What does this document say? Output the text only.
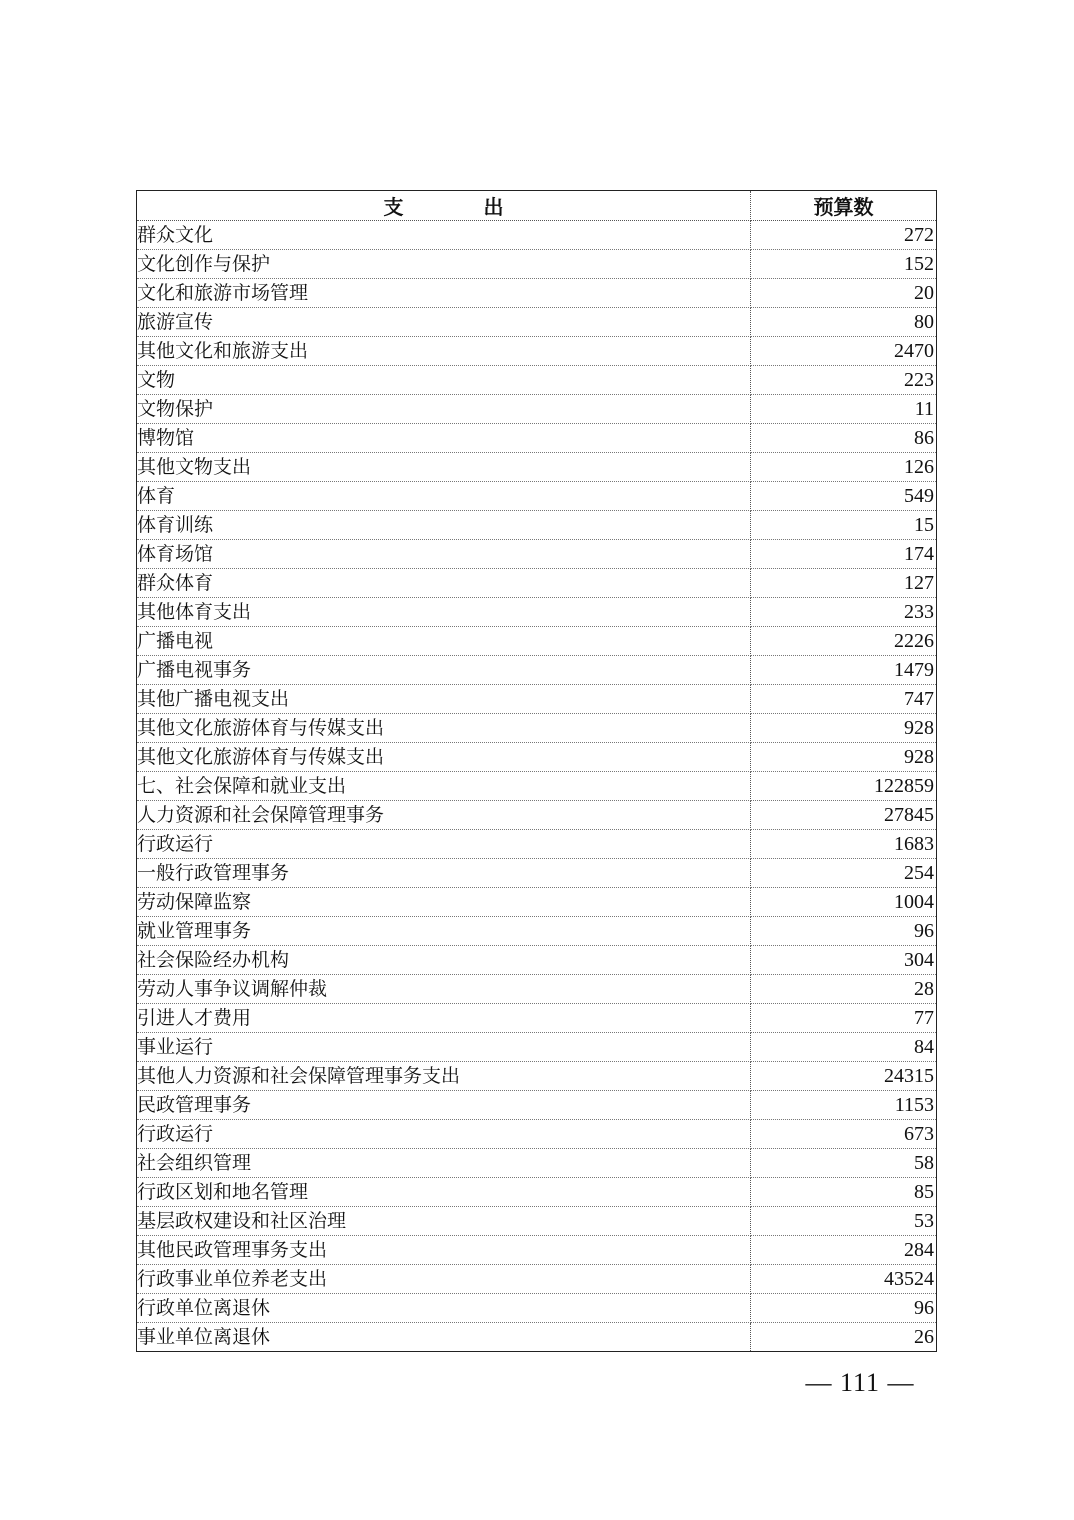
支　　　　出	预算数
群众文化	272
文化创作与保护	152
文化和旅游市场管理	20
旅游宣传	80
其他文化和旅游支出	2470
文物	223
文物保护	11
博物馆	86
其他文物支出	126
体育	549
体育训练	15
体育场馆	174
群众体育	127
其他体育支出	233
广播电视	2226
广播电视事务	1479
其他广播电视支出	747
其他文化旅游体育与传媒支出	928
其他文化旅游体育与传媒支出	928
七、社会保障和就业支出	122859
人力资源和社会保障管理事务	27845
行政运行	1683
一般行政管理事务	254
劳动保障监察	1004
就业管理事务	96
社会保险经办机构	304
劳动人事争议调解仲裁	28
引进人才费用	77
事业运行	84
其他人力资源和社会保障管理事务支出	24315
民政管理事务	1153
行政运行	673
社会组织管理	58
行政区划和地名管理	85
基层政权建设和社区治理	53
其他民政管理事务支出	284
行政事业单位养老支出	43524
行政单位离退休	96
事业单位离退休	26
— 111 —
